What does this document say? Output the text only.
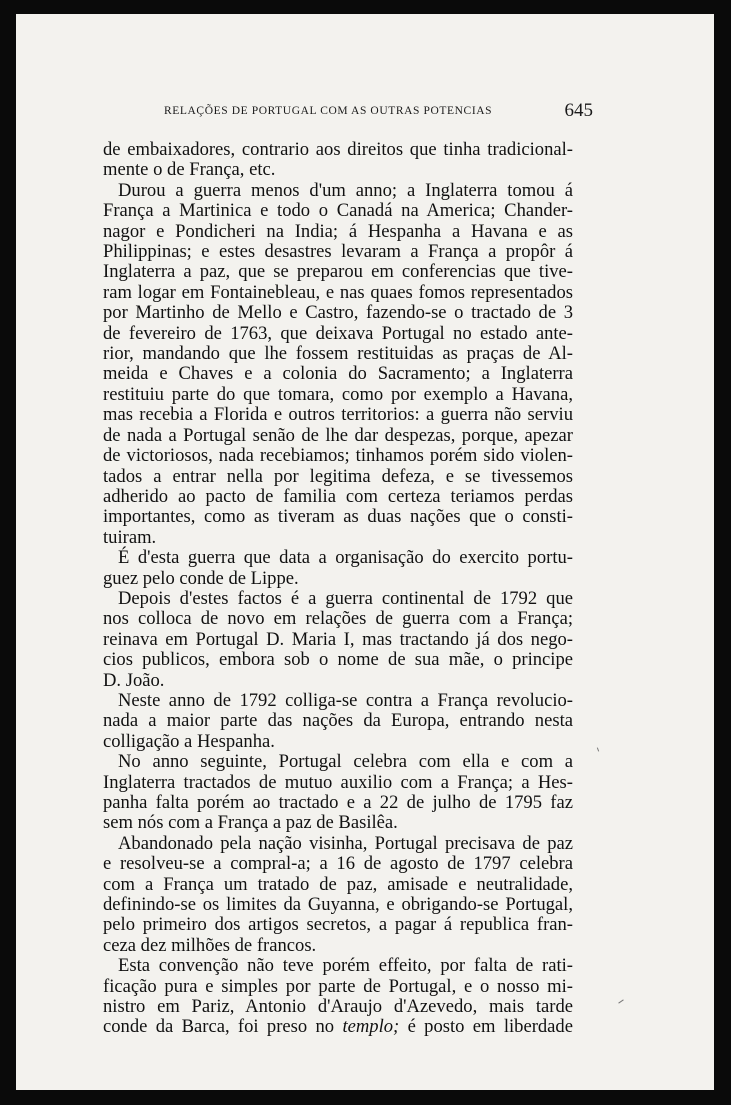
RELAÇÕES DE PORTUGAL COM AS OUTRAS POTENCIAS	645
de embaixadores, contrario aos direitos que tinha tradicional-
mente o de França, etc.
Durou a guerra menos d'um anno; a Inglaterra tomou á
França a Martinica e todo o Canadá na America; Chander-
nagor e Pondicheri na India; á Hespanha a Havana e as
Philippinas; e estes desastres levaram a França a propôr á
Inglaterra a paz, que se preparou em conferencias que tive-
ram logar em Fontainebleau, e nas quaes fomos representados
por Martinho de Mello e Castro, fazendo-se o tractado de 3
de fevereiro de 1763, que deixava Portugal no estado ante-
rior, mandando que lhe fossem restituidas as praças de Al-
meida e Chaves e a colonia do Sacramento; a Inglaterra
restituiu parte do que tomara, como por exemplo a Havana,
mas recebia a Florida e outros territorios: a guerra não serviu
de nada a Portugal senão de lhe dar despezas, porque, apezar
de victoriosos, nada recebiamos; tinhamos porém sido violen-
tados a entrar nella por legitima defeza, e se tivessemos
adherido ao pacto de familia com certeza teriamos perdas
importantes, como as tiveram as duas nações que o consti-
tuiram.
É d'esta guerra que data a organisação do exercito portu-
guez pelo conde de Lippe.
Depois d'estes factos é a guerra continental de 1792 que
nos colloca de novo em relações de guerra com a França;
reinava em Portugal D. Maria I, mas tractando já dos nego-
cios publicos, embora sob o nome de sua mãe, o principe
D. João.
Neste anno de 1792 colliga-se contra a França revolucio-
nada a maior parte das nações da Europa, entrando nesta
colligação a Hespanha.
No anno seguinte, Portugal celebra com ella e com a
Inglaterra tractados de mutuo auxilio com a França; a Hes-
panha falta porém ao tractado e a 22 de julho de 1795 faz
sem nós com a França a paz de Basilêa.
Abandonado pela nação visinha, Portugal precisava de paz
e resolveu-se a compral-a; a 16 de agosto de 1797 celebra
com a França um tratado de paz, amisade e neutralidade,
definindo-se os limites da Guyanna, e obrigando-se Portugal,
pelo primeiro dos artigos secretos, a pagar á republica fran-
ceza dez milhões de francos.
Esta convenção não teve porém effeito, por falta de rati-
ficação pura e simples por parte de Portugal, e o nosso mi-
nistro em Pariz, Antonio d'Araujo d'Azevedo, mais tarde
conde da Barca, foi preso no templo; é posto em liberdade
